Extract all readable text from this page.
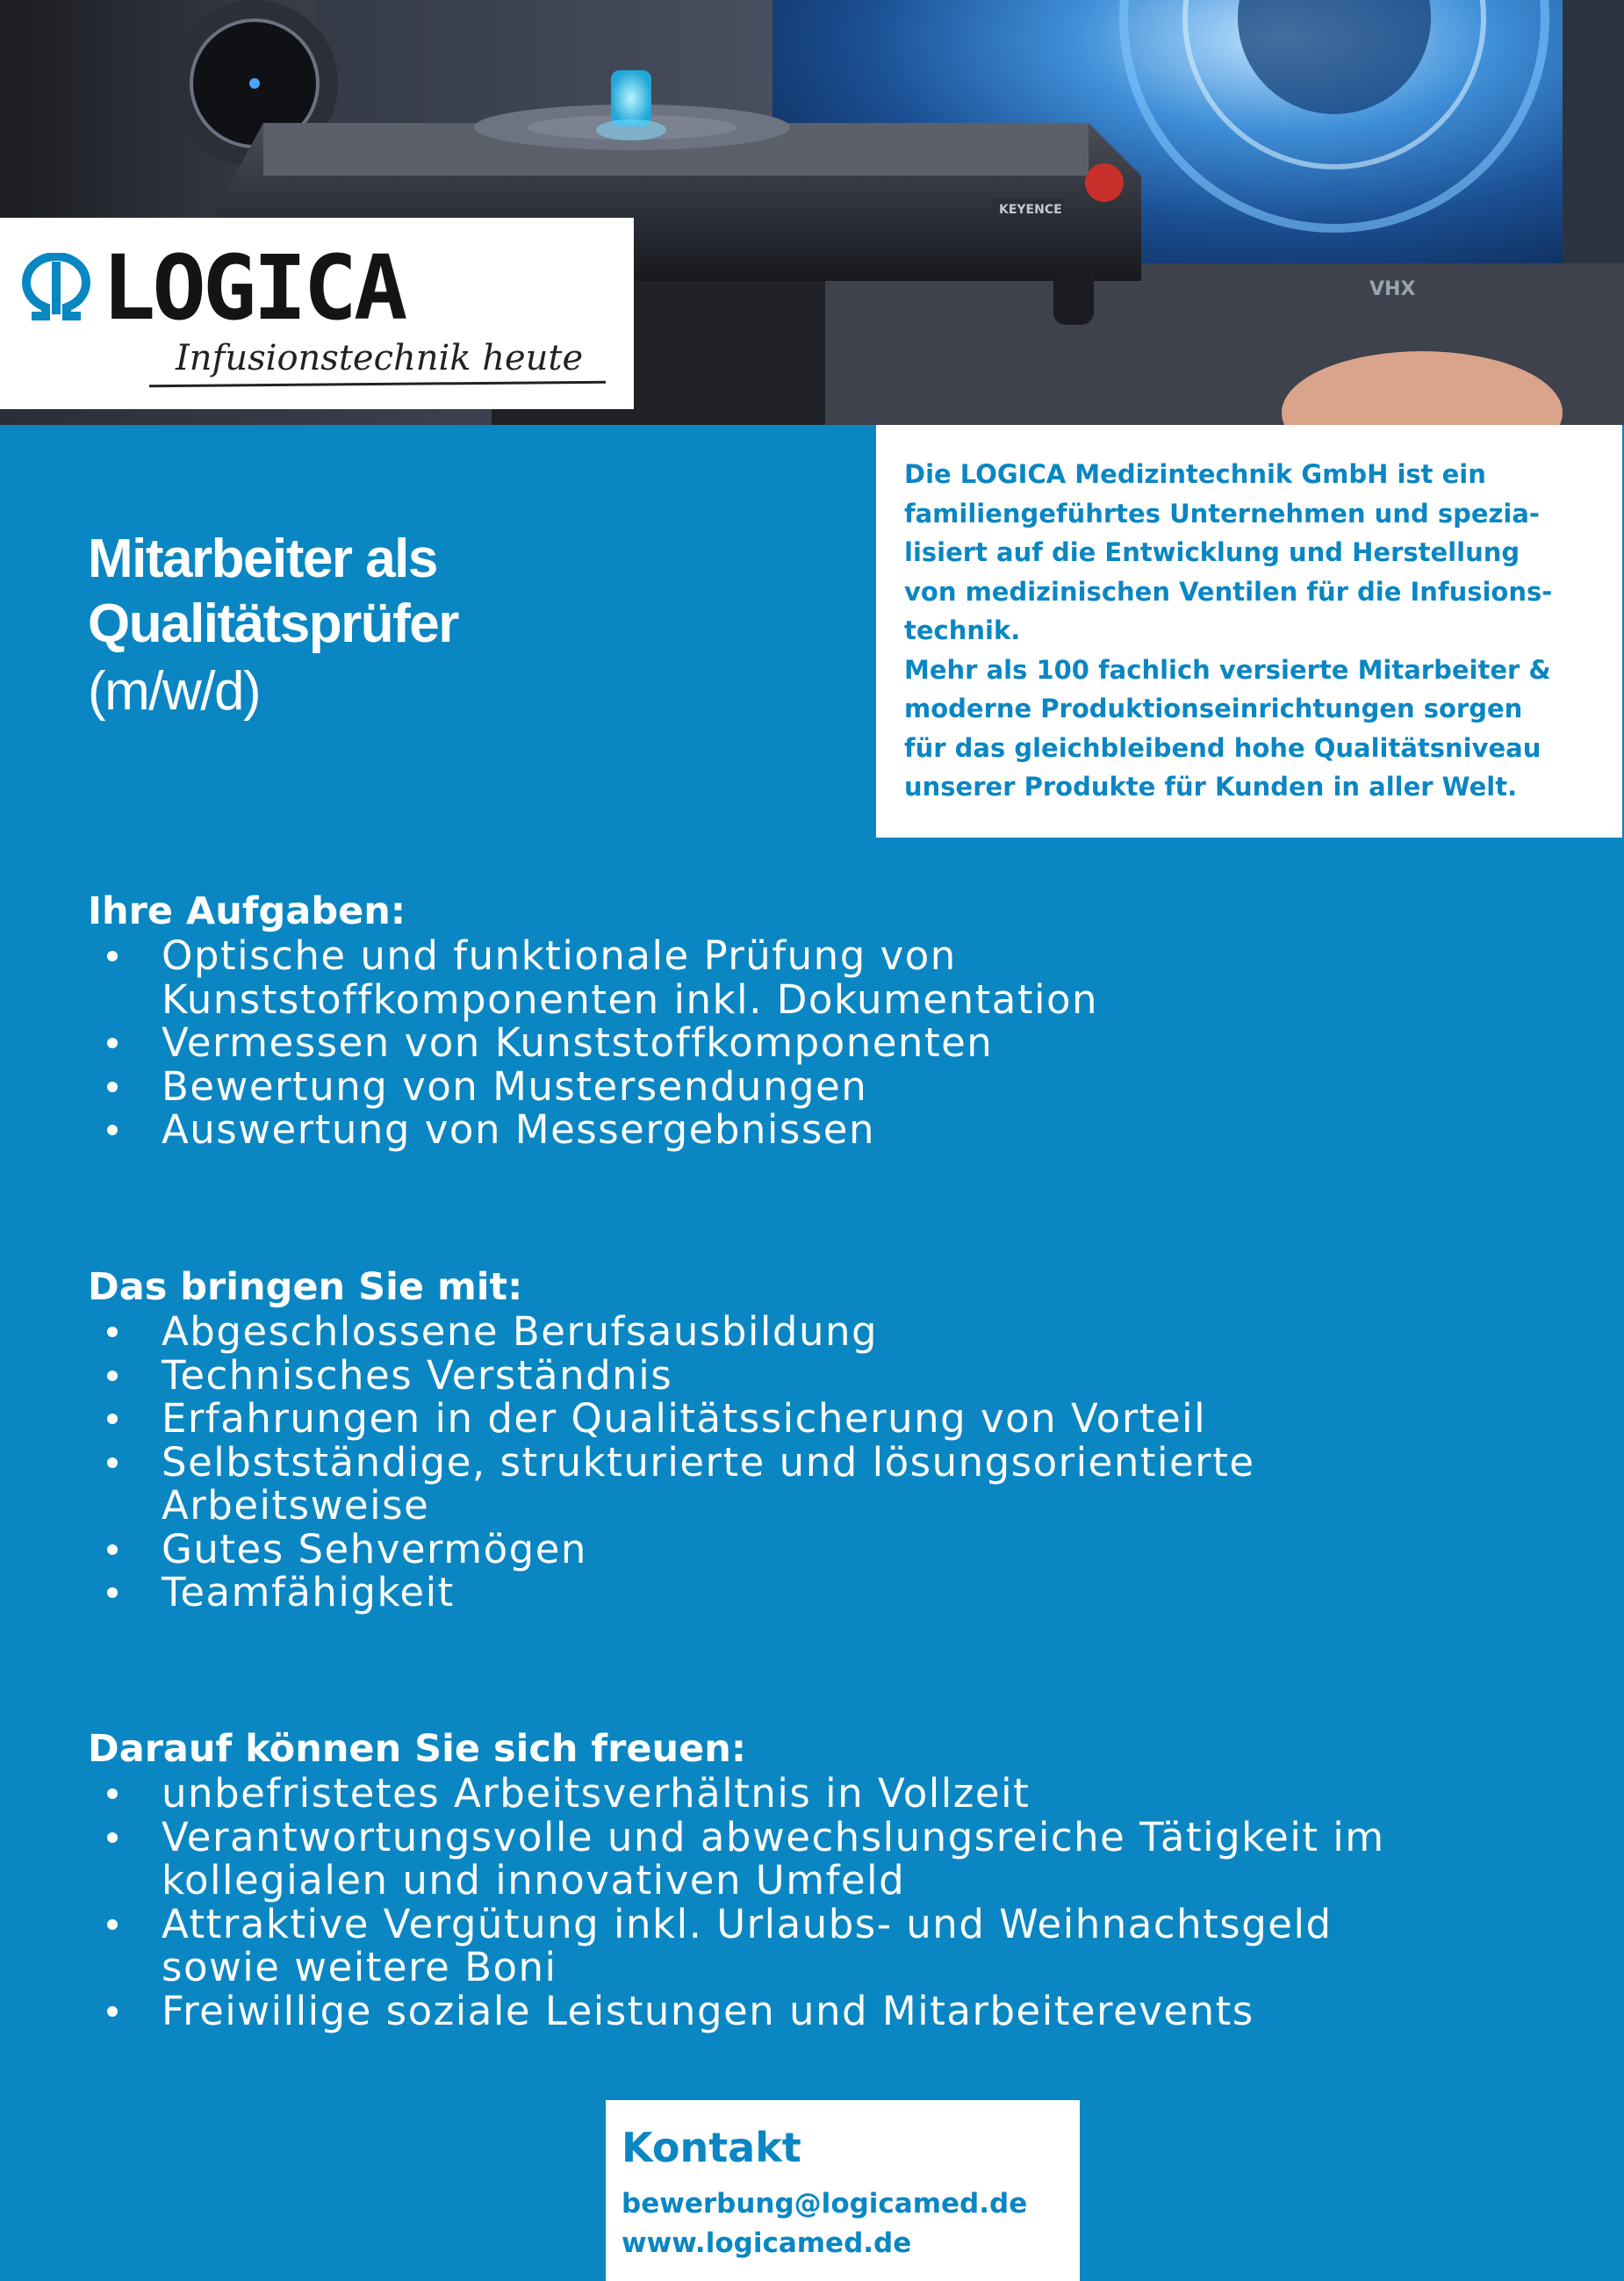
VHX
KEYENCE
LOGICA
Infusionstechnik heute

Die LOGICA Medizintechnik GmbH ist ein

familiengeführtes Unternehmen und spezia-

lisiert auf die Entwicklung und Herstellung

von medizinischen Ventilen für die Infusions-

technik.

Mehr als 100 fachlich versierte Mitarbeiter &

moderne Produktionseinrichtungen sorgen

für das gleichbleibend hohe Qualitätsniveau

unserer Produkte für Kunden in aller Welt.

Mitarbeiter als
Qualitätsprüfer
(m/w/d)
Ihre Aufgaben:
Optische und funktionale Prüfung von
Kunststoffkomponenten inkl. Dokumentation
Vermessen von Kunststoffkomponenten
Bewertung von Mustersendungen
Auswertung von Messergebnissen
Das bringen Sie mit:
Abgeschlossene Berufsausbildung
Technisches Verständnis
Erfahrungen in der Qualitätssicherung von Vorteil
Selbstständige, strukturierte und lösungsorientierte
Arbeitsweise
Gutes Sehvermögen
Teamfähigkeit
Darauf können Sie sich freuen:
unbefristetes Arbeitsverhältnis in Vollzeit
Verantwortungsvolle und abwechslungsreiche Tätigkeit im
kollegialen und innovativen Umfeld
Attraktive Vergütung inkl. Urlaubs- und Weihnachtsgeld
sowie weitere Boni
Freiwillige soziale Leistungen und Mitarbeiterevents
Kontakt
bewerbung@logicamed.de
www.logicamed.de
